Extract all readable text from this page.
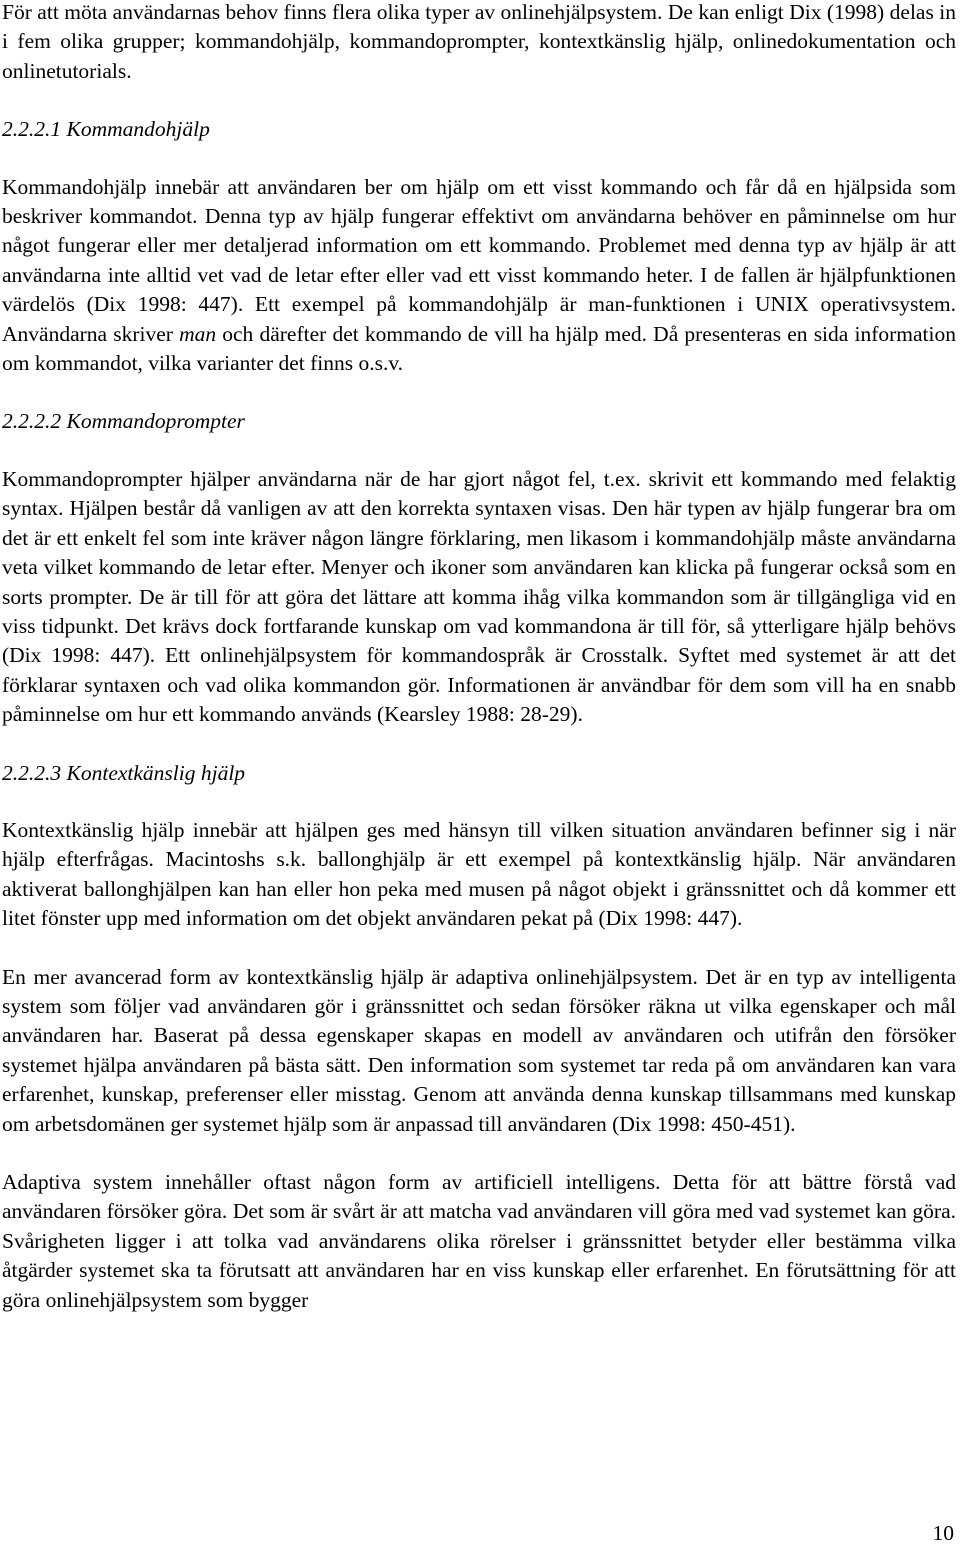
För att möta användarnas behov finns flera olika typer av onlinehjälpsystem. De kan enligt Dix (1998) delas in i fem olika grupper; kommandohjälp, kommandoprompter, kontextkänslig hjälp, onlinedokumentation och onlinetutorials.

2.2.2.1 Kommandohjälp

Kommandohjälp innebär att användaren ber om hjälp om ett visst kommando och får då en hjälpsida som beskriver kommandot. Denna typ av hjälp fungerar effektivt om användarna behöver en påminnelse om hur något fungerar eller mer detaljerad information om ett kommando. Problemet med denna typ av hjälp är att användarna inte alltid vet vad de letar efter eller vad ett visst kommando heter. I de fallen är hjälpfunktionen värdelös (Dix 1998: 447). Ett exempel på kommandohjälp är man-funktionen i UNIX operativsystem. Användarna skriver man och därefter det kommando de vill ha hjälp med. Då presenteras en sida information om kommandot, vilka varianter det finns o.s.v.

2.2.2.2 Kommandoprompter

Kommandoprompter hjälper användarna när de har gjort något fel, t.ex. skrivit ett kommando med felaktig syntax. Hjälpen består då vanligen av att den korrekta syntaxen visas. Den här typen av hjälp fungerar bra om det är ett enkelt fel som inte kräver någon längre förklaring, men likasom i kommandohjälp måste användarna veta vilket kommando de letar efter. Menyer och ikoner som användaren kan klicka på fungerar också som en sorts prompter. De är till för att göra det lättare att komma ihåg vilka kommandon som är tillgängliga vid en viss tidpunkt. Det krävs dock fortfarande kunskap om vad kommandona är till för, så ytterligare hjälp behövs (Dix 1998: 447). Ett onlinehjälpsystem för kommandospråk är Crosstalk. Syftet med systemet är att det förklarar syntaxen och vad olika kommandon gör. Informationen är användbar för dem som vill ha en snabb påminnelse om hur ett kommando används (Kearsley 1988: 28-29).

2.2.2.3 Kontextkänslig hjälp

Kontextkänslig hjälp innebär att hjälpen ges med hänsyn till vilken situation användaren befinner sig i när hjälp efterfrågas. Macintoshs s.k. ballonghjälp är ett exempel på kontextkänslig hjälp. När användaren aktiverat ballonghjälpen kan han eller hon peka med musen på något objekt i gränssnittet och då kommer ett litet fönster upp med information om det objekt användaren pekat på (Dix 1998: 447).

En mer avancerad form av kontextkänslig hjälp är adaptiva onlinehjälpsystem. Det är en typ av intelligenta system som följer vad användaren gör i gränssnittet och sedan försöker räkna ut vilka egenskaper och mål användaren har. Baserat på dessa egenskaper skapas en modell av användaren och utifrån den försöker systemet hjälpa användaren på bästa sätt. Den information som systemet tar reda på om användaren kan vara erfarenhet, kunskap, preferenser eller misstag. Genom att använda denna kunskap tillsammans med kunskap om arbetsdomänen ger systemet hjälp som är anpassad till användaren (Dix 1998: 450-451).

Adaptiva system innehåller oftast någon form av artificiell intelligens. Detta för att bättre förstå vad användaren försöker göra. Det som är svårt är att matcha vad användaren vill göra med vad systemet kan göra. Svårigheten ligger i att tolka vad användarens olika rörelser i gränssnittet betyder eller bestämma vilka åtgärder systemet ska ta förutsatt att användaren har en viss kunskap eller erfarenhet. En förutsättning för att göra onlinehjälpsystem som bygger

10
